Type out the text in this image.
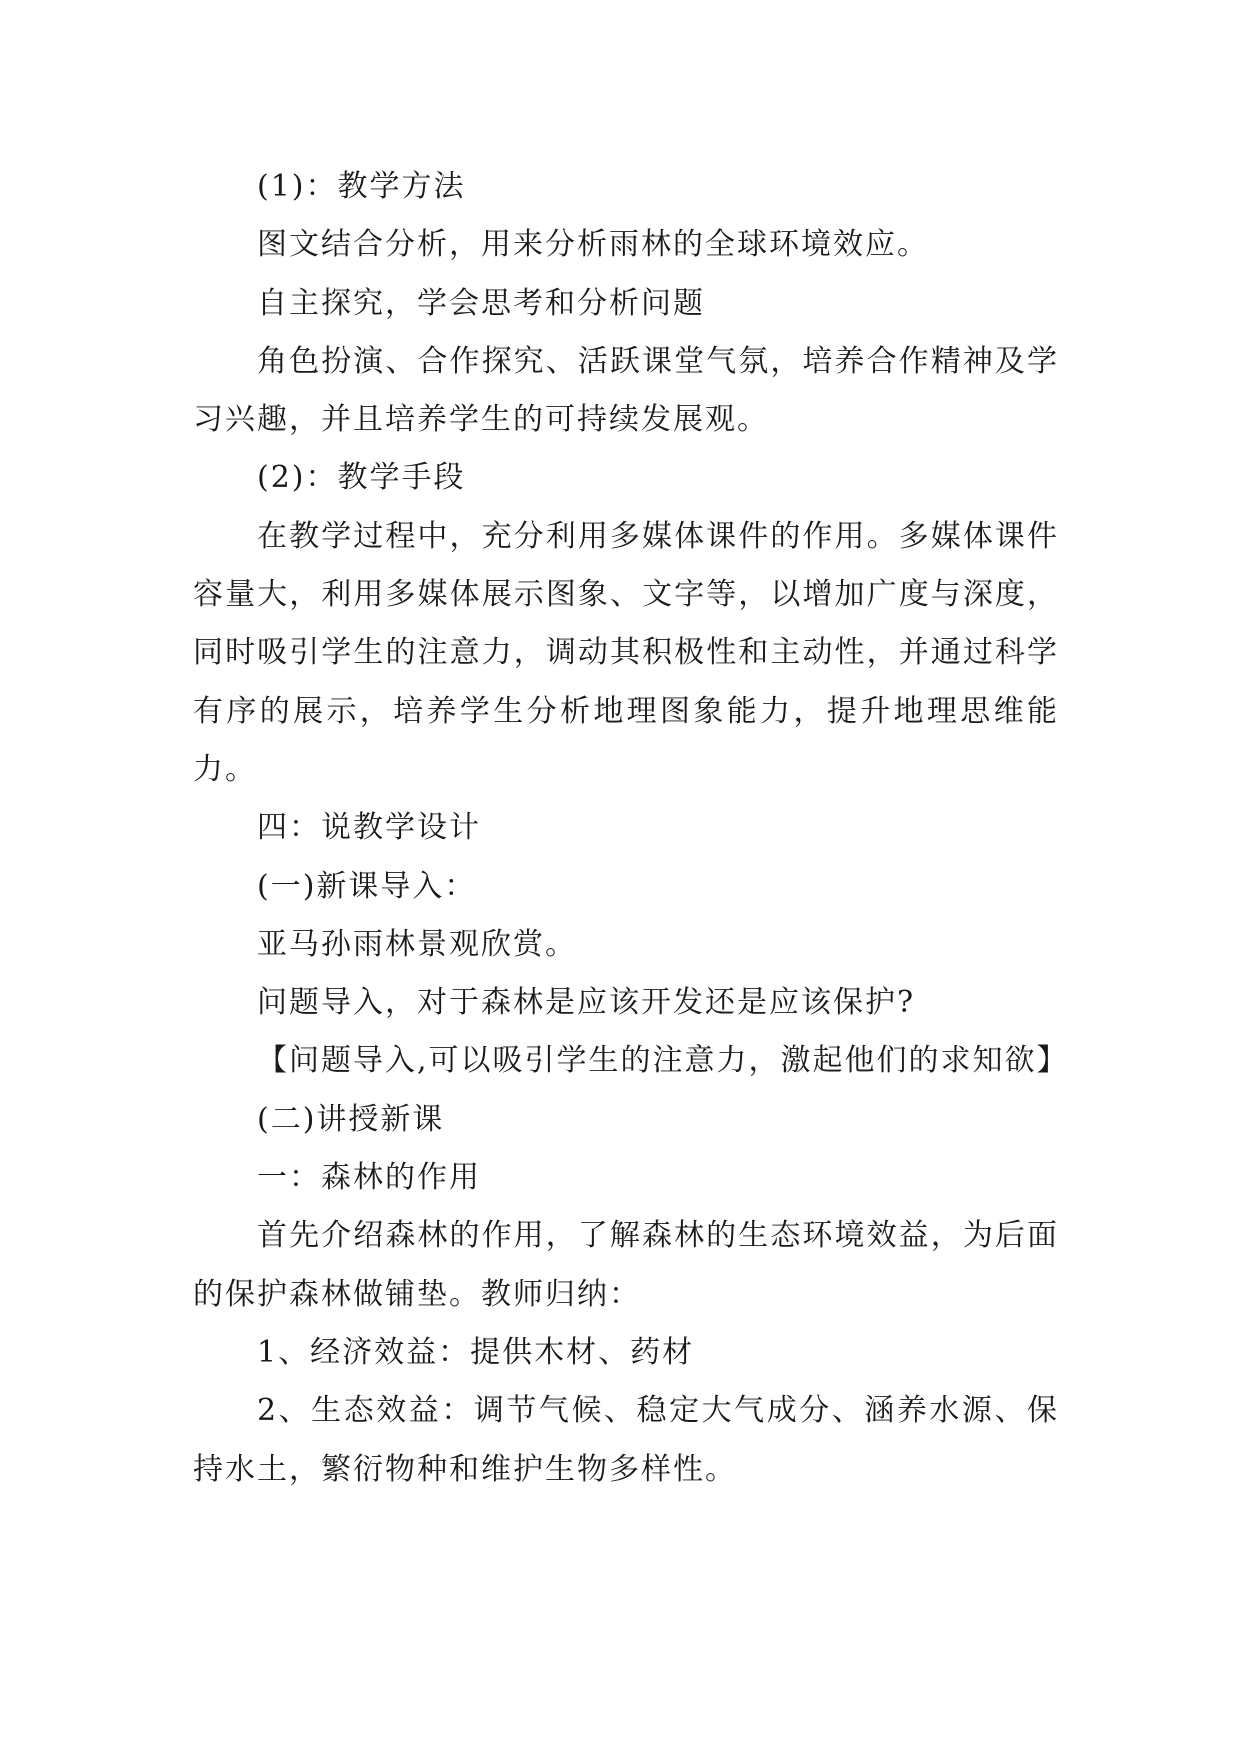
(1)：教学方法

图文结合分析，用来分析雨林的全球环境效应。

自主探究，学会思考和分析问题

角色扮演、合作探究、活跃课堂气氛，培养合作精神及学习兴趣，并且培养学生的可持续发展观。

(2)：教学手段

在教学过程中，充分利用多媒体课件的作用。多媒体课件容量大，利用多媒体展示图象、文字等，以增加广度与深度，同时吸引学生的注意力，调动其积极性和主动性，并通过科学有序的展示，培养学生分析地理图象能力，提升地理思维能力。

四：说教学设计

(一)新课导入：

亚马孙雨林景观欣赏。

问题导入，对于森林是应该开发还是应该保护?

【问题导入,可以吸引学生的注意力，激起他们的求知欲】

(二)讲授新课

一：森林的作用

首先介绍森林的作用，了解森林的生态环境效益，为后面的保护森林做铺垫。教师归纳：

1、经济效益：提供木材、药材

2、生态效益：调节气候、稳定大气成分、涵养水源、保持水土，繁衍物种和维护生物多样性。
